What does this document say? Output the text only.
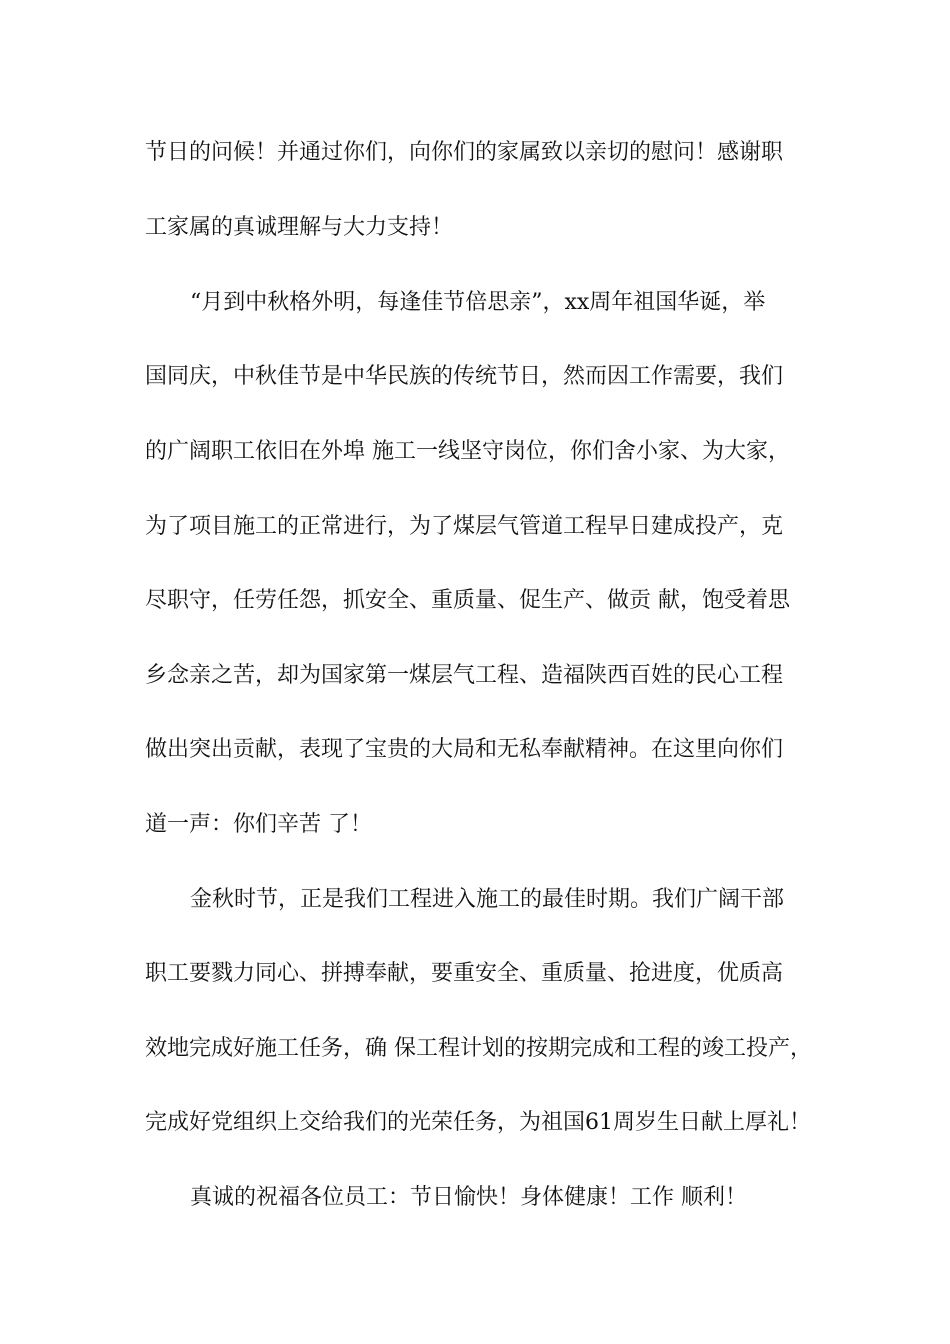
节日的问候！并通过你们，向你们的家属致以亲切的慰问！感谢职
工家属的真诚理解与大力支持！
“月到中秋格外明，每逢佳节倍思亲”，xx周年祖国华诞，举
国同庆，中秋佳节是中华民族的传统节日，然而因工作需要，我们
的广阔职工依旧在外埠 施工一线坚守岗位，你们舍小家、为大家，
为了项目施工的正常进行，为了煤层气管道工程早日建成投产，克
尽职守，任劳任怨，抓安全、重质量、促生产、做贡 献，饱受着思
乡念亲之苦，却为国家第一煤层气工程、造福陕西百姓的民心工程
做出突出贡献，表现了宝贵的大局和无私奉献精神。在这里向你们
道一声：你们辛苦 了！
金秋时节，正是我们工程进入施工的最佳时期。我们广阔干部
职工要戮力同心、拼搏奉献，要重安全、重质量、抢进度，优质高
效地完成好施工任务，确 保工程计划的按期完成和工程的竣工投产，
完成好党组织上交给我们的光荣任务，为祖国61周岁生日献上厚礼！
真诚的祝福各位员工：节日愉快！身体健康！工作 顺利！
